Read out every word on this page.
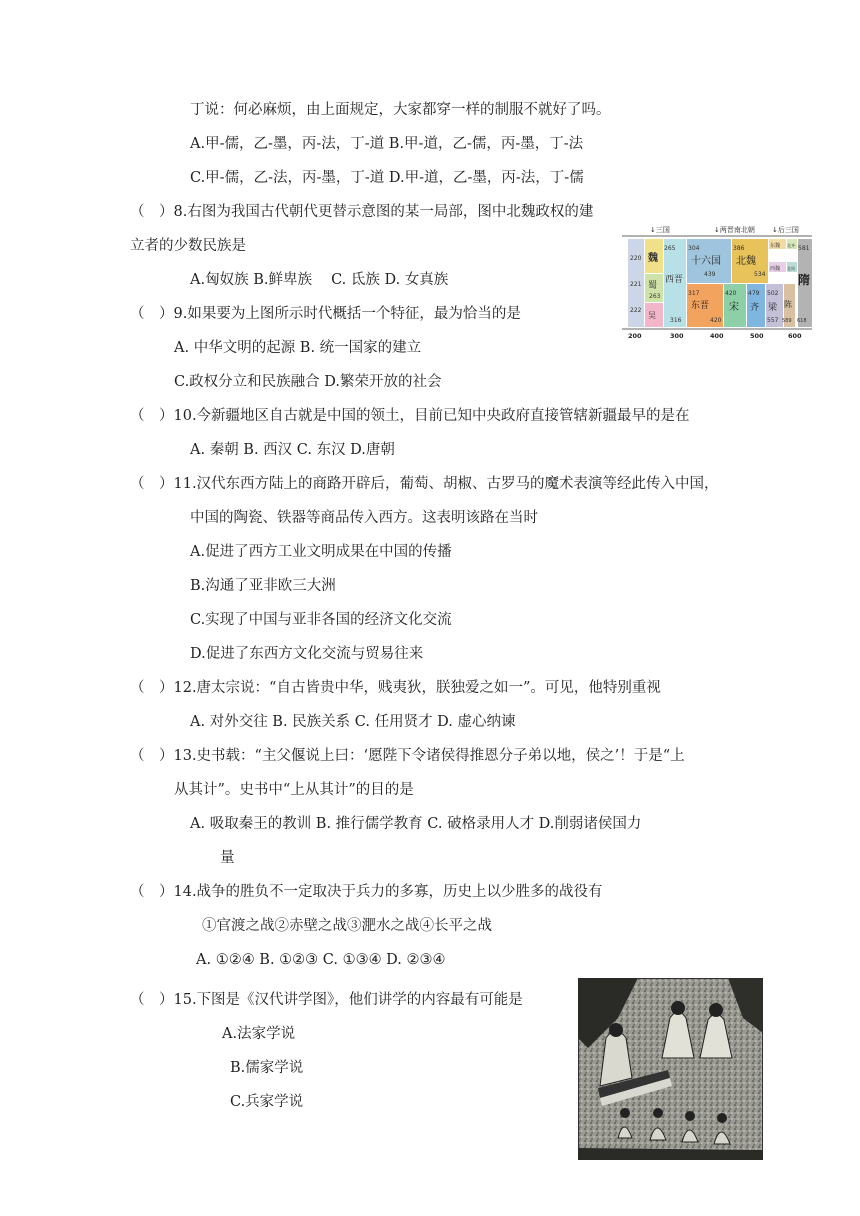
丁说：何必麻烦，由上面规定，大家都穿一样的制服不就好了吗。
A.甲-儒，乙-墨，丙-法，丁-道 B.甲-道，乙-儒，丙-墨，丁-法
C.甲-儒，乙-法，丙-墨，丁-道 D.甲-道，乙-墨，丙-法，丁-儒
（　）8.右图为我国古代朝代更替示意图的某一局部，图中北魏政权的建
立者的少数民族是
A.匈奴族 B.鲜卑族　 C. 氐族 D. 女真族
（　）9.如果要为上图所示时代概括一个特征，最为恰当的是
A. 中华文明的起源 B. 统一国家的建立
C.政权分立和民族融合 D.繁荣开放的社会
（　）10.今新疆地区自古就是中国的领土，目前已知中央政府直接管辖新疆最早的是在
A. 秦朝 B. 西汉 C. 东汉 D.唐朝
（　）11.汉代东西方陆上的商路开辟后，葡萄、胡椒、古罗马的魔术表演等经此传入中国，
中国的陶瓷、铁器等商品传入西方。这表明该路在当时
A.促进了西方工业文明成果在中国的传播
B.沟通了亚非欧三大洲
C.实现了中国与亚非各国的经济文化交流
D.促进了东西方文化交流与贸易往来
（　）12.唐太宗说：“自古皆贵中华，贱夷狄，朕独爱之如一”。可见，他特别重视
A. 对外交往 B. 民族关系 C. 任用贤才 D. 虚心纳谏
（　）13.史书载：“主父偃说上曰：‘愿陛下令诸侯得推恩分子弟以地，侯之’！于是“上
从其计”。史书中“上从其计”的目的是
A. 吸取秦王的教训 B. 推行儒学教育 C. 破格录用人才 D.削弱诸侯国力
量
（　）14.战争的胜负不一定取决于兵力的多寡，历史上以少胜多的战役有
①官渡之战②赤壁之战③淝水之战④长平之战
A. ①②④ B. ①②③ C. ①③④ D. ②③④
（　）15.下图是《汉代讲学图》，他们讲学的内容最有可能是
A.法家学说
B.儒家学说
C.兵家学说
↓三国	↓两晋南北朝 ↓后三国
220
221
222
魏
蜀
263
吴
265
西晋
316
304
十六国
439
386
北魏
534
317
东晋
420
420
宋
479
齐
502
梁
557
陈
589
东魏 北齐
西魏 北周
581
隋
618
200	300	400	500	600
